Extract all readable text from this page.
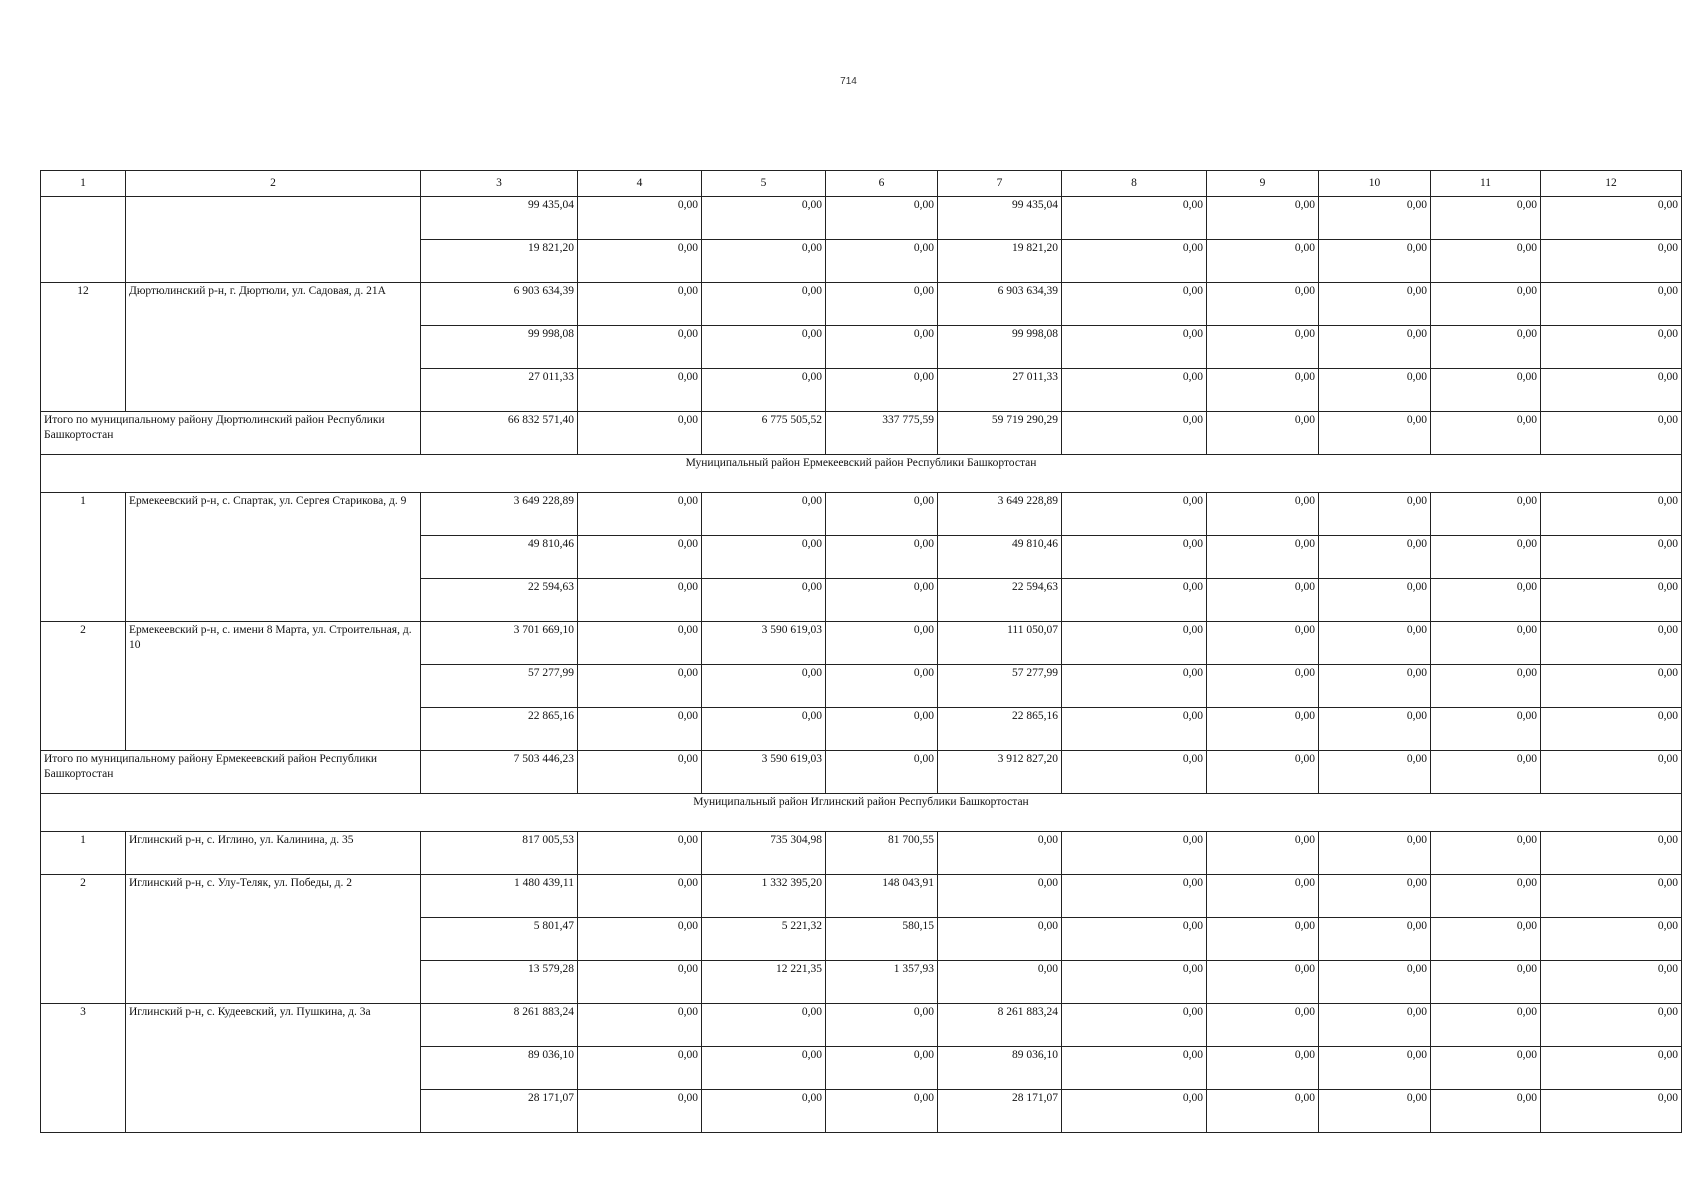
714
1	2	3	4	5	6	7	8	9	10	11	12
		99 435,04	0,00	0,00	0,00	99 435,04	0,00	0,00	0,00	0,00	0,00
		19 821,20	0,00	0,00	0,00	19 821,20	0,00	0,00	0,00	0,00	0,00
12	Дюртюлинский р-н, г. Дюртюли, ул. Садовая, д. 21А	6 903 634,39	0,00	0,00	0,00	6 903 634,39	0,00	0,00	0,00	0,00	0,00
		99 998,08	0,00	0,00	0,00	99 998,08	0,00	0,00	0,00	0,00	0,00
		27 011,33	0,00	0,00	0,00	27 011,33	0,00	0,00	0,00	0,00	0,00
Итого по муниципальному району Дюртюлинский район Республики Башкортостан		66 832 571,40	0,00	6 775 505,52	337 775,59	59 719 290,29	0,00	0,00	0,00	0,00	0,00
Муниципальный район Ермекеевский район Республики Башкортостан											
1	Ермекеевский р-н, с. Спартак, ул. Сергея Старикова, д. 9	3 649 228,89	0,00	0,00	0,00	3 649 228,89	0,00	0,00	0,00	0,00	0,00
		49 810,46	0,00	0,00	0,00	49 810,46	0,00	0,00	0,00	0,00	0,00
		22 594,63	0,00	0,00	0,00	22 594,63	0,00	0,00	0,00	0,00	0,00
2	Ермекеевский р-н, с. имени 8 Марта, ул. Строительная, д. 10	3 701 669,10	0,00	3 590 619,03	0,00	111 050,07	0,00	0,00	0,00	0,00	0,00
		57 277,99	0,00	0,00	0,00	57 277,99	0,00	0,00	0,00	0,00	0,00
		22 865,16	0,00	0,00	0,00	22 865,16	0,00	0,00	0,00	0,00	0,00
Итого по муниципальному району Ермекеевский район Республики Башкортостан		7 503 446,23	0,00	3 590 619,03	0,00	3 912 827,20	0,00	0,00	0,00	0,00	0,00
Муниципальный район Иглинский район Республики Башкортостан											
1	Иглинский р-н, с. Иглино, ул. Калинина, д. 35	817 005,53	0,00	735 304,98	81 700,55	0,00	0,00	0,00	0,00	0,00	0,00
2	Иглинский р-н, с. Улу-Теляк, ул. Победы, д. 2	1 480 439,11	0,00	1 332 395,20	148 043,91	0,00	0,00	0,00	0,00	0,00	0,00
		5 801,47	0,00	5 221,32	580,15	0,00	0,00	0,00	0,00	0,00	0,00
		13 579,28	0,00	12 221,35	1 357,93	0,00	0,00	0,00	0,00	0,00	0,00
3	Иглинский р-н, с. Кудеевский, ул. Пушкина, д. 3а	8 261 883,24	0,00	0,00	0,00	8 261 883,24	0,00	0,00	0,00	0,00	0,00
		89 036,10	0,00	0,00	0,00	89 036,10	0,00	0,00	0,00	0,00	0,00
		28 171,07	0,00	0,00	0,00	28 171,07	0,00	0,00	0,00	0,00	0,00
